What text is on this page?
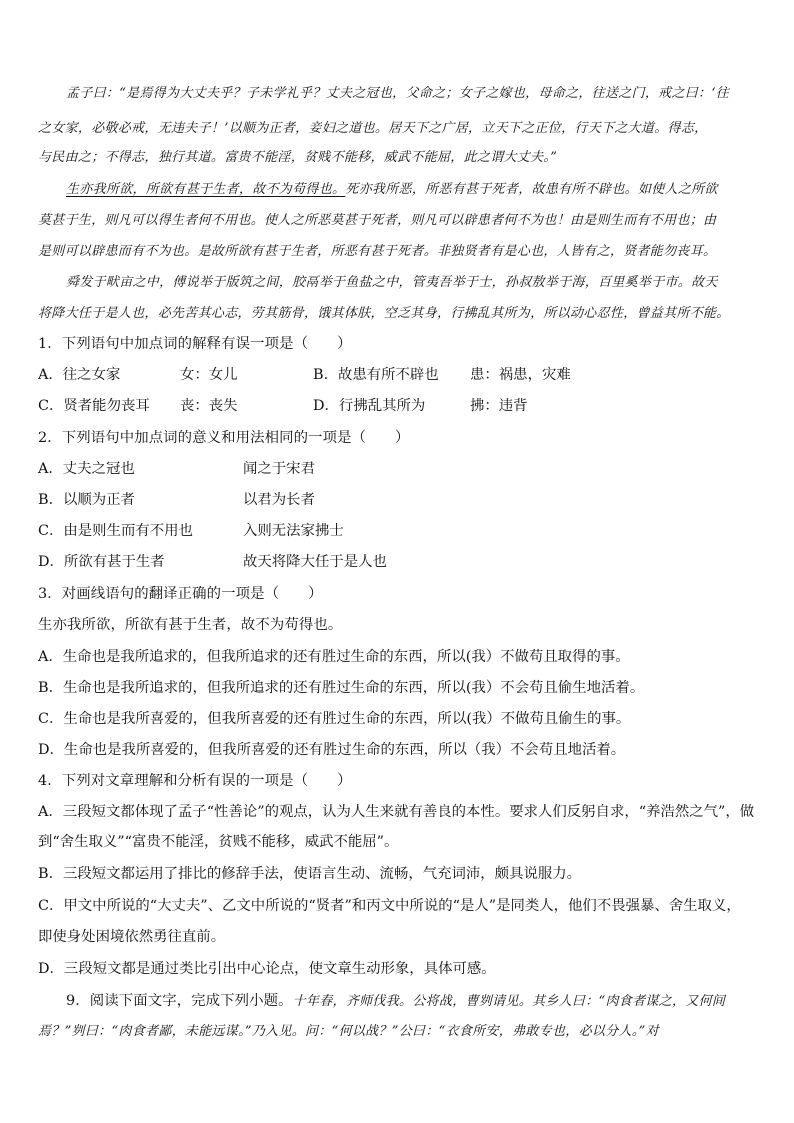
孟子曰：“是焉得为大丈夫乎？子未学礼乎？丈夫之冠也，父命之；女子之嫁也，母命之，往送之门，戒之曰：‘往
之女家，必敬必戒，无违夫子！’以顺为正者，妾妇之道也。居天下之广居，立天下之正位，行天下之大道。得志，
与民由之；不得志，独行其道。富贵不能淫，贫贱不能移，威武不能屈，此之谓大丈夫。”
生亦我所欲，所欲有甚于生者，故不为苟得也。死亦我所恶，所恶有甚于死者，故患有所不辟也。如使人之所欲
莫甚于生，则凡可以得生者何不用也。使人之所恶莫甚于死者，则凡可以辟患者何不为也！由是则生而有不用也；由
是则可以辟患而有不为也。是故所欲有甚于生者，所恶有甚于死者。非独贤者有是心也，人皆有之，贤者能勿丧耳。
舜发于畎亩之中，傅说举于版筑之间，胶鬲举于鱼盐之中，管夷吾举于士，孙叔敖举于海，百里奚举于市。故天
将降大任于是人也，必先苦其心志，劳其筋骨，饿其体肤，空乏其身，行拂乱其所为，所以动心忍性，曾益其所不能。
1．下列语句中加点词的解释有误一项是（　　）
A．往之女家	女：女儿	B．故患有所不辟也 患：祸患，灾难
C．贤者能勿丧耳 丧：丧失	D．行拂乱其所为	拂：违背
2．下列语句中加点词的意义和用法相同的一项是（　　）
A．丈夫之冠也	闻之于宋君
B．以顺为正者	以君为长者
C．由是则生而有不用也	入则无法家拂士
D．所欲有甚于生者	故天将降大任于是人也
3．对画线语句的翻译正确的一项是（　　）
生亦我所欲，所欲有甚于生者，故不为苟得也。
A．生命也是我所追求的，但我所追求的还有胜过生命的东西，所以(我）不做苟且取得的事。
B．生命也是我所追求的，但我所追求的还有胜过生命的东西，所以(我）不会苟且偷生地活着。
C．生命也是我所喜爱的，但我所喜爱的还有胜过生命的东西，所以(我）不做苟且偷生的事。
D．生命也是我所喜爱的，但我所喜爱的还有胜过生命的东西，所以（我）不会苟且地活着。
4．下列对文章理解和分析有误的一项是（　　）
A．三段短文都体现了孟子“性善论”的观点，认为人生来就有善良的本性。要求人们反躬自求，“养浩然之气”，做
到“舍生取义”“富贵不能淫，贫贱不能移，威武不能屈”。
B．三段短文都运用了排比的修辞手法，使语言生动、流畅，气充词沛，颇具说服力。
C．甲文中所说的“大丈夫”、乙文中所说的“贤者”和丙文中所说的“是人”是同类人，他们不畏强暴、舍生取义，
即使身处困境依然勇往直前。
D．三段短文都是通过类比引出中心论点，使文章生动形象，具体可感。
9．阅读下面文字，完成下列小题。十年春，齐师伐我。公将战，曹刿请见。其乡人曰：“肉食者谋之，又何间
焉？”刿曰：“肉食者鄙，未能远谋。”乃入见。问：“何以战？”公曰：“衣食所安，弗敢专也，必以分人。”对
